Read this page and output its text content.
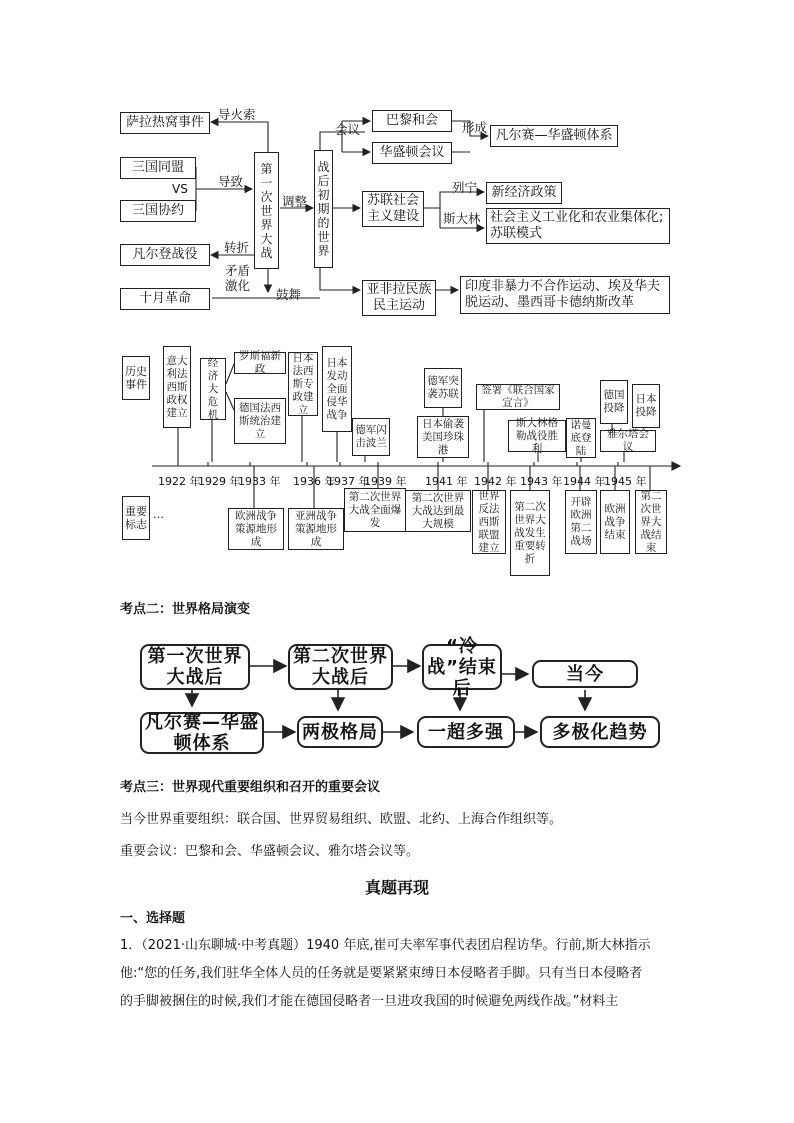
萨拉热窝事件
导火索
三国同盟
VS 导致
三国协约
凡尔登战役 转折
矛盾激化
十月革命	鼓舞
第一次世界大战
调整
战后初期的世界
会议
巴黎和会
华盛顿会议
形成
凡尔赛—华盛顿体系
苏联社会主义建设
列宁
斯大林
新经济政策
社会主义工业化和农业集体化;苏联模式
亚非拉民族民主运动
印度非暴力不合作运动、埃及华夫脱运动、墨西哥卡德纳斯改革
历史事件
重要标志
…
意大利法西斯政权建立
经济大危机
罗斯福新政
德国法西斯统治建立
日本法西斯专政建立
日本发动全面侵华战争
德军闪击波兰
德军突袭苏联
日本偷袭美国珍珠港
签署《联合国家宣言》
斯大林格勒战役胜利
诺曼底登陆
德国投降
日本投降
雅尔塔会议
1922 年
1929 年
1933 年 1936 年
1937 年
1939 年 1941 年 1942 年 1943 年 1944 年
1945 年
欧洲战争策源地形成
亚洲战争策源地形成
第二次世界大战全面爆发
第二次世界大战达到最大规模
世界反法西斯联盟建立
第二次世界大战发生重要转折
开辟欧洲第二战场
欧洲战争结束
第二次世界大战结束
考点二：世界格局演变
第一次世界大战后
第二次世界大战后
“冷战”结束后
当今
凡尔赛—华盛顿体系
两极格局	一超多强	多极化趋势
考点三：世界现代重要组织和召开的重要会议
当今世界重要组织：联合国、世界贸易组织、欧盟、北约、上海合作组织等。
重要会议：巴黎和会、华盛顿会议、雅尔塔会议等。
真题再现
一、选择题
1．（2021·山东聊城·中考真题）1940 年底,崔可夫率军事代表团启程访华。行前,斯大林指示
他:“您的任务,我们驻华全体人员的任务就是要紧紧束缚日本侵略者手脚。只有当日本侵略者
的手脚被捆住的时候,我们才能在德国侵略者一旦进攻我国的时候避免两线作战。”材料主
